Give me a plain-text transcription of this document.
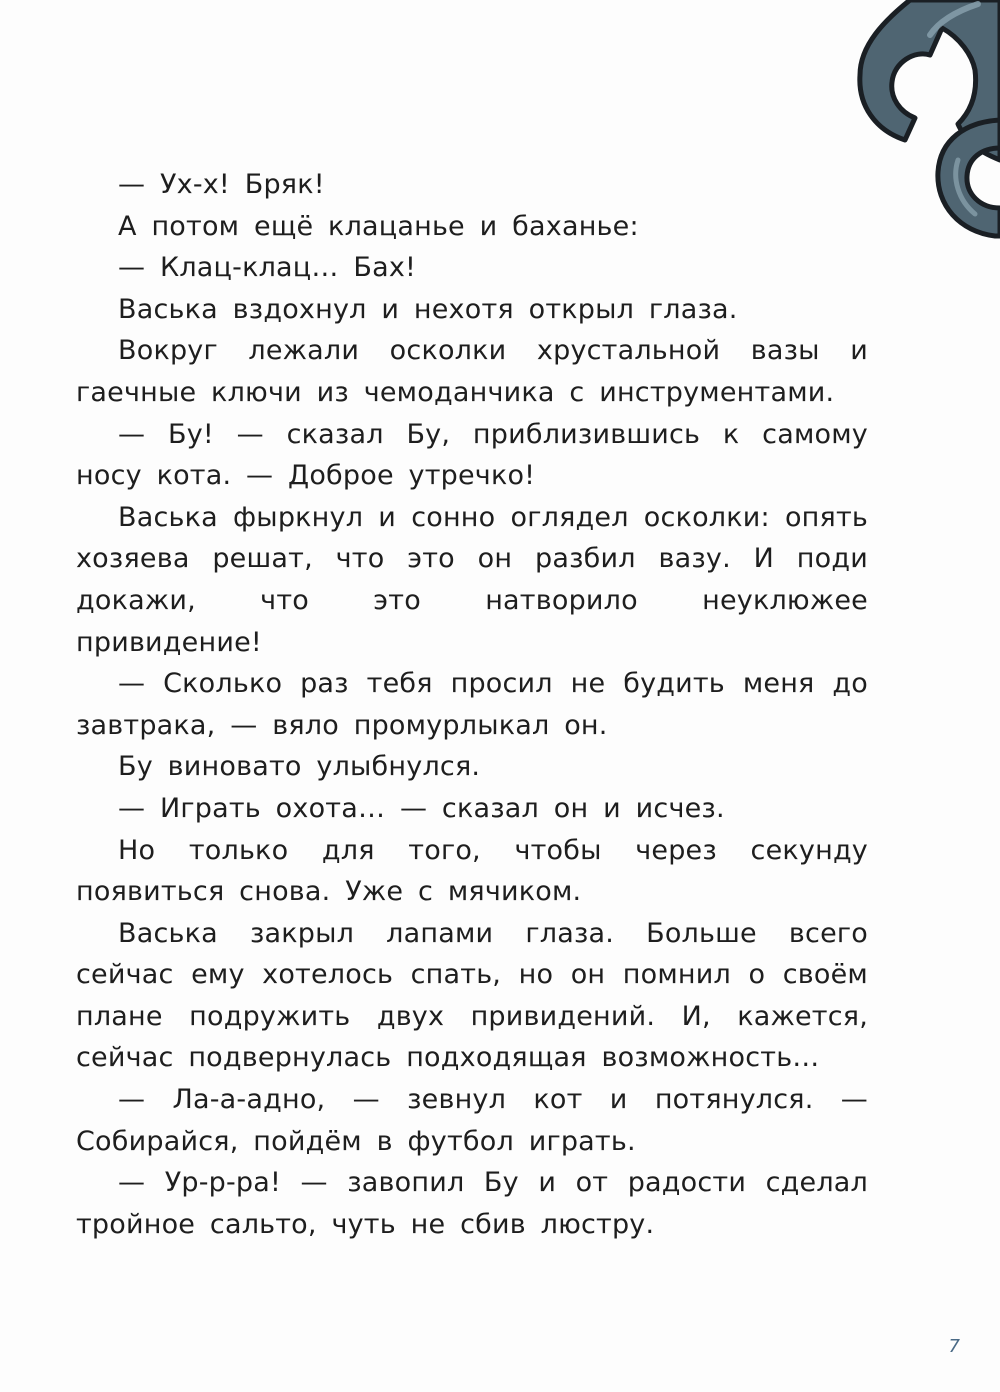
— Ух-х! Бряк!

А потом ещё клацанье и баханье:

— Клац-клац… Бах!

Васька вздохнул и нехотя открыл глаза.

Вокруг лежали осколки хрустальной вазы и гаечные ключи из чемоданчика с инструментами.

— Бу! — сказал Бу, приблизившись к самому носу кота. — Доброе утречко!

Васька фыркнул и сонно оглядел осколки: опять хозяева решат, что это он разбил вазу. И поди докажи, что это натворило неуклюжее привидение!

— Сколько раз тебя просил не будить меня до завтрака, — вяло промурлыкал он.

Бу виновато улыбнулся.

— Играть охота… — сказал он и исчез.

Но только для того, чтобы через секунду появиться снова. Уже с мячиком.

Васька закрыл лапами глаза. Больше всего сейчас ему хотелось спать, но он помнил о своём плане подружить двух привидений. И, кажется, сейчас подвернулась подходящая возможность…

— Ла-а-адно, — зевнул кот и потянулся. — Собирайся, пойдём в футбол играть.

— Ур-р-ра! — завопил Бу и от радости сделал тройное сальто, чуть не сбив люстру.

7
